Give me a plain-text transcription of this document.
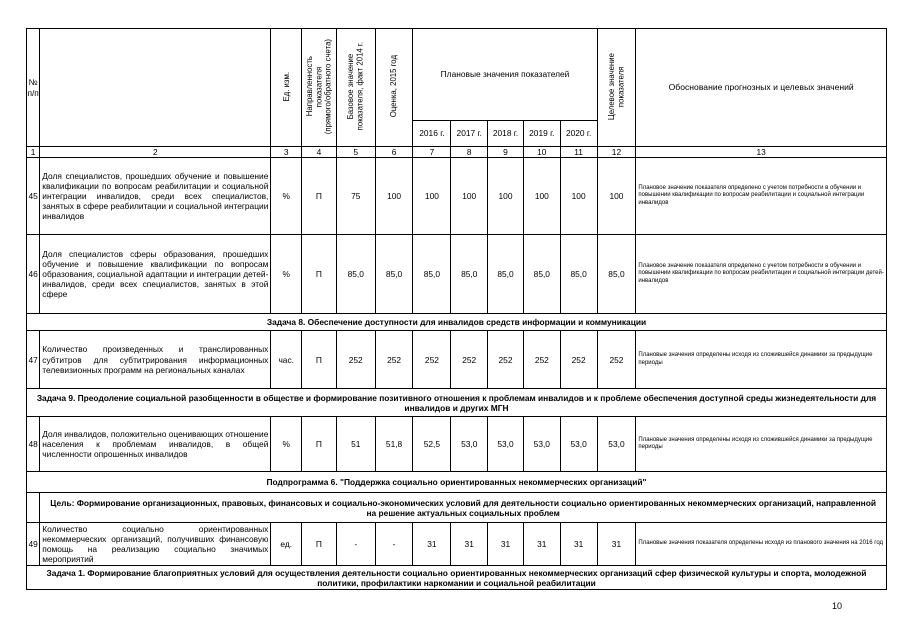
№ п/п		Ед. изм.	Направленность
показателя
(прямого/обратного счета)	Базовое значение
показателя, факт 2014 г.	Оценка, 2015 год	Плановые значения показателей					Целевое значение
показателя	Обоснование прогнозных и целевых значений
						2016 г.	2017 г.	2018 г.	2019 г.	2020 г.		
1	2	3	4	5	6	7	8	9	10	11	12	13
45	Доля специалистов, прошедших обучение и повышение квалификации по вопросам реабилитации и социальной интеграции инвалидов, среди всех специалистов, занятых в сфере реабилитации и социальной интеграции инвалидов	%	П	75	100	100	100	100	100	100	100	Плановое значение показателя определено с учетом потребности в обучении и повышении квалификации по вопросам реабилитации и социальной интеграции инвалидов
46	Доля специалистов сферы образования, прошедших обучение и повышение квалификации по вопросам образования, социальной адаптации и интеграции детей-инвалидов, среди всех специалистов, занятых в этой сфере	%	П	85,0	85,0	85,0	85,0	85,0	85,0	85,0	85,0	Плановое значение показателя определено с учетом потребности в обучении и повышении квалификации по вопросам реабилитации и социальной интеграции детей-инвалидов
Задача 8. Обеспечение доступности для инвалидов средств информации и коммуникации												
47	Количество произведенных и транслированных субтитров для субтитрирования информационных телевизионных программ на региональных каналах	час.	П	252	252	252	252	252	252	252	252	Плановые значения определены исходя из сложившейся динамики за предыдущие периоды
Задача 9. Преодоление социальной разобщенности в обществе и формирование позитивного отношения к проблемам инвалидов и к проблеме обеспечения доступной среды жизнедеятельности для инвалидов и других МГН												
48	Доля инвалидов, положительно оценивающих отношение населения к проблемам инвалидов, в общей численности опрошенных инвалидов	%	П	51	51,8	52,5	53,0	53,0	53,0	53,0	53,0	Плановые значения определены исходя из сложившейся динамики за предыдущие периоды
Подпрограмма 6. "Поддержка социально ориентированных некоммерческих организаций"												
	Цель: Формирование организационных, правовых, финансовых и социально-экономических условий для деятельности социально ориентированных некоммерческих организаций, направленной на решение актуальных социальных проблем											
49	Количество социально ориентированных некоммерческих организаций, получивших финансовую помощь на реализацию социально значимых мероприятий	ед.	П	-	-	31	31	31	31	31	31	Плановые значения показателя определены исходя из планового значения на 2016 год
Задача 1. Формирование благоприятных условий для осуществления деятельности социально ориентированных некоммерческих организаций сфер физической культуры и спорта, молодежной политики, профилактики наркомании и социальной реабилитации												
10
